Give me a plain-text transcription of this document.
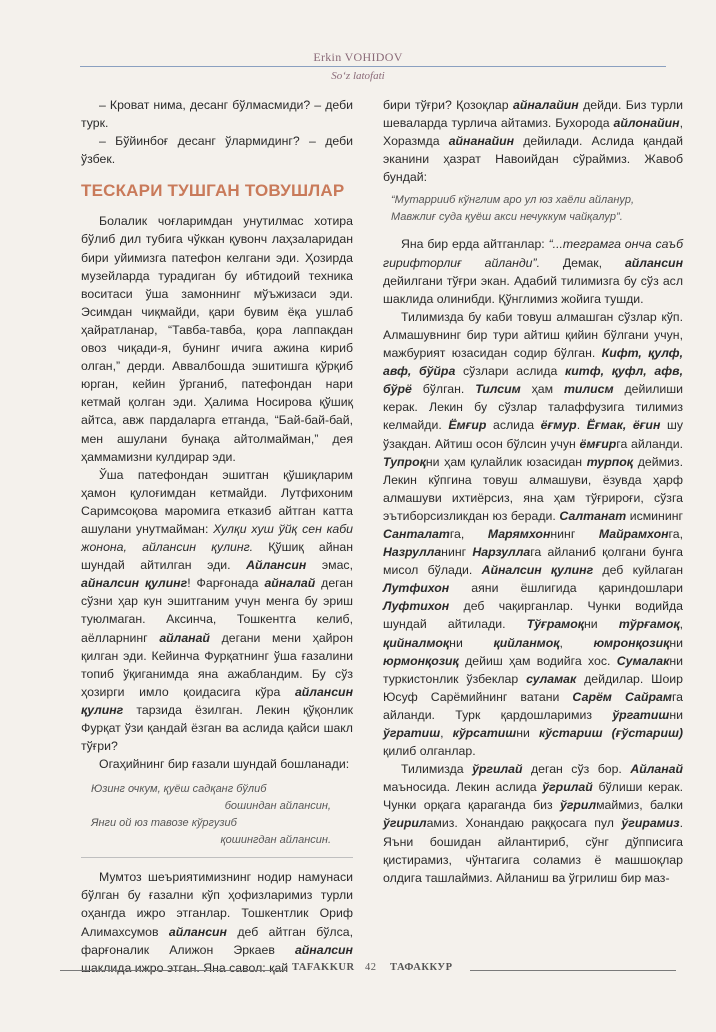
Erkin VOHIDOV
So‘z latofati

– Кроват нима, десанг бўлмасмиди? – деби турк.

– Бўйинбоғ десанг ўлармидинг? – деби ўзбек.

ТЕСКАРИ ТУШГАН ТОВУШЛАР

Болалик чоғларимдан унутилмас хотира бўлиб дил тубига чўккан қувонч лаҳзаларидан бири уйимизга патефон келгани эди. Ҳозирда музейларда турадиган бу ибтидоий техника воситаси ўша замоннинг мўъжизаси эди. Эсимдан чиқмайди, қари бувим ёқа ушлаб ҳайратланар, “Тавба-тавба, қора лаппакдан овоз чиқади-я, бунинг ичига ажина кириб олган,” дерди. Аввалбошда эшитишга қўрқиб юрган, кейин ўрганиб, патефондан нари кетмай қолган эди. Ҳалима Носирова қўшиқ айтса, авж пардаларга етганда, “Бай-бай-бай, мен ашулани бунақа айтолмайман,” дея ҳаммамизни кулдирар эди.

Ўша патефондан эшитган қўшиқларим ҳамон қулоғимдан кетмайди. Лутфихоним Саримсоқова маромига етказиб айтган катта ашулани унутмайман: Хулқи хуш ўйқ сен каби жонона, айлансин қулинг. Қўшиқ айнан шундай айтилган эди. Айлансин эмас, айналсин қулинг! Фарғонада айналай деган сўзни ҳар кун эшитганим учун менга бу эриш туюлмаган. Аксинча, Тошкентга келиб, аёлларнинг айланай дегани мени ҳайрон қилган эди. Кейинча Фурқатнинг ўша ғазалини топиб ўқиганимда яна ажабландим. Бу сўз ҳозирги имло қоидасига кўра айлансин қулинг тарзида ёзилган. Лекин қўқонлик Фурқат ўзи қандай ёзган ва аслида қайси шакл тўғри?

Огаҳийнинг бир ғазали шундай бошланади:

Юзинг очкум, қуёш садқанг бўлиб
бошиндан айлансин,
Янги ой юз тавозе кўргузиб
қошингдан айлансин.

Мумтоз шеъриятимизнинг нодир намунаси бўлган бу ғазални кўп ҳофизларимиз турли оҳангда ижро этганлар. Тошкентлик Ориф Алимахсумов айлансин деб айтган бўлса, фарғоналик Алижон Эркаев айналсин шаклида ижро этган. Яна савол: қай

бири тўғри? Қозоқлар айналайин дейди. Биз турли шеваларда турлича айтамиз. Бухорода айлонайин, Хоразмда айнанайин дейилади. Аслида қандай эканини ҳазрат Навоийдан сўраймиз. Жавоб бундай:

“Мутаррииб кўнглим аро ул юз хаёли айланур,
Мавжлиғ суда қуёш акси нечуккум чайқалур”.

Яна бир ерда айтганлар: “...теграмга онча саъб гирифторлиғ айланди”. Демак, айлансин дейилгани тўғри экан. Адабий тилимизга бу сўз асл шаклида олинибди. Қўнглимиз жойига тушди.

Тилимизда бу каби товуш алмашган сўзлар кўп. Алмашувнинг бир тури айтиш қийин бўлгани учун, мажбурият юзасидан содир бўлган. Кифт, қулф, авф, бўйра сўзлари аслида китф, қуфл, афв, бўрё бўлган. Тилсим ҳам тилисм дейилиши керак. Лекин бу сўзлар талаффузига тилимиз келмайди. Ёмғир аслида ёғмур. Ёғмак, ёғин шу ўзакдан. Айтиш осон бўлсин учун ёмғирга айланди. Тупроқни ҳам қулайлик юзасидан турпоқ деймиз. Лекин кўпгина товуш алмашуви, ёзувда ҳарф алмашуви ихтиёрсиз, яна ҳам тўғрироғи, сўзга эътиборсизликдан юз беради. Салтанат исмининг Санталатга, Марямхоннинг Майрамхонга, Назрулланинг Нарзуллага айланиб қолгани бунга мисол бўлади. Айналсин қулинг деб куйлаган Лутфихон аяни ёшлигида қариндошлари Луфтихон деб чақирганлар. Чунки водийда шундай айтилади. Тўғрамоқни тўрғамоқ, қийналмоқни қийланмоқ, юмронқозиқни юрмонқозиқ дейиш ҳам водийга хос. Сумалакни туркистонлик ўзбеклар суламак дейдилар. Шоир Юсуф Сарёмийнинг ватани Сарём Сайрамга айланди. Турк қардошларимиз ўргатишни ўгратиш, кўрсатишни кўстариш (ғўстариш) қилиб олганлар.

Тилимизда ўргилай деган сўз бор. Айланай маъносида. Лекин аслида ўгрилай бўлиши керак. Чунки орқага қараганда биз ўгрилмаймиз, балки ўгириламиз. Хонандаю раққосага пул ўгирамиз. Яъни бошидан айлантириб, сўнг дўпписига қистирамиз, чўнтагига соламиз ё машшоқлар олдига ташлаймиз. Айланиш ва ўгрилиш бир маз-

TAFAKKUR 42 ТАФАККУР
